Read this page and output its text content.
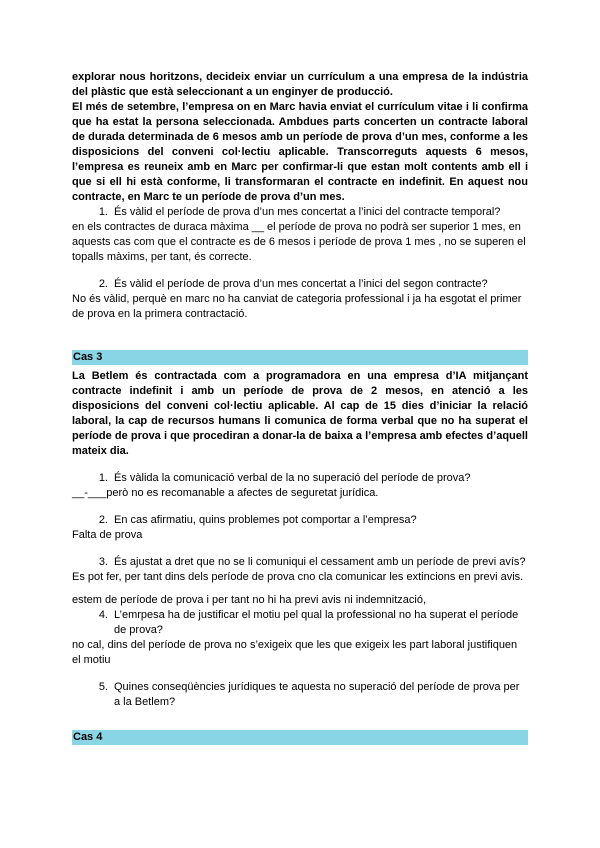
explorar nous horitzons, decideix enviar un currículum a una empresa de la indústria del plàstic que està seleccionant a un enginyer de producció.

El més de setembre, l’empresa on en Marc havia enviat el currículum vitae i li confirma que ha estat la persona seleccionada. Ambdues parts concerten un contracte laboral de durada determinada de 6 mesos amb un període de prova d’un mes, conforme a les disposicions del conveni col·lectiu aplicable. Transcorreguts aquests 6 mesos, l’empresa es reuneix amb en Marc per confirmar-li que estan molt contents amb ell i que si ell hi està conforme, li transformaran el contracte en indefinit. En aquest nou contracte, en Marc te un període de prova d’un mes.

1. És vàlid el període de prova d’un mes concertat a l’inici del contracte temporal?

en els contractes de duraca màxima __ el període de prova no podrà ser superior 1 mes, en aquests cas com que el contracte es de 6 mesos i període de prova 1 mes , no se superen el topalls màxims, per tant, és correcte.

2. És vàlid el període de prova d’un mes concertat a l’inici del segon contracte?

No és vàlid, perquè en marc no ha canviat de categoria professional i ja ha esgotat el primer de prova en la primera contractació.

Cas 3

La Betlem és contractada com a programadora en una empresa d’IA mitjançant contracte indefinit i amb un període de prova de 2 mesos, en atenció a les disposicions del conveni col·lectiu aplicable. Al cap de 15 dies d’iniciar la relació laboral, la cap de recursos humans li comunica de forma verbal que no ha superat el període de prova i que procediran a donar-la de baixa a l’empresa amb efectes d’aquell mateix dia.

1. És vàlida la comunicació verbal de la no superació del període de prova?

__-___però no es recomanable a afectes de seguretat jurídica.

2. En cas afirmatiu, quins problemes pot comportar a l’empresa?

Falta de prova

3. És ajustat a dret que no se li comuniqui el cessament amb un període de previ avís?

Es pot fer, per tant dins dels període de prova cno cla comunicar les extincions en previ avis.

estem de període de prova i per tant no hi ha previ avis ni indemnització,

4. L’emrpesa ha de justificar el motiu pel qual la professional no ha superat el període de prova?

no cal, dins del període de prova no s’exigeix que les que exigeix les part laboral justifiquen el motiu

5. Quines conseqüències jurídiques te aquesta no superació del període de prova per a la Betlem?
Cas 4
